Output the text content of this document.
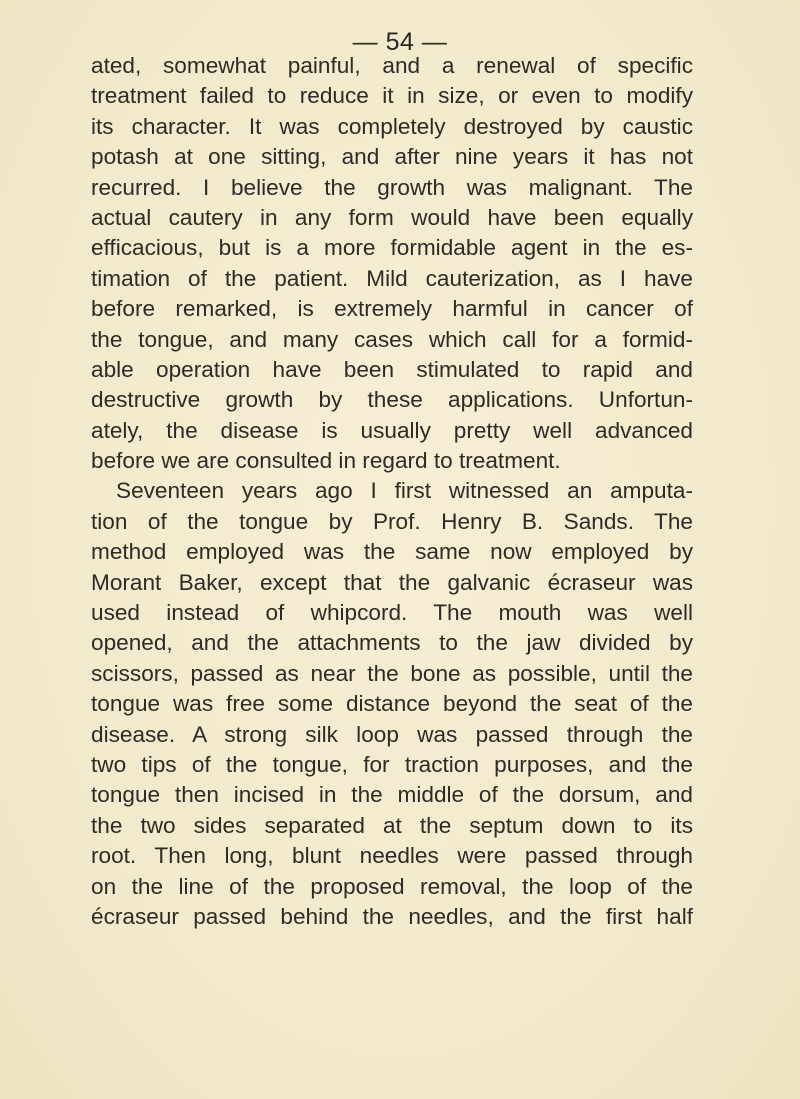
— 54 —
ated, somewhat painful, and a renewal of specific
treatment failed to reduce it in size, or even to modify
its character. It was completely destroyed by caustic
potash at one sitting, and after nine years it has not
recurred. I believe the growth was malignant. The
actual cautery in any form would have been equally
efficacious, but is a more formidable agent in the es-
timation of the patient. Mild cauterization, as I have
before remarked, is extremely harmful in cancer of
the tongue, and many cases which call for a formid-
able operation have been stimulated to rapid and
destructive growth by these applications. Unfortun-
ately, the disease is usually pretty well advanced
before we are consulted in regard to treatment.
Seventeen years ago I first witnessed an amputa-
tion of the tongue by Prof. Henry B. Sands. The
method employed was the same now employed by
Morant Baker, except that the galvanic écraseur was
used instead of whipcord. The mouth was well
opened, and the attachments to the jaw divided by
scissors, passed as near the bone as possible, until the
tongue was free some distance beyond the seat of the
disease. A strong silk loop was passed through the
two tips of the tongue, for traction purposes, and the
tongue then incised in the middle of the dorsum, and
the two sides separated at the septum down to its
root. Then long, blunt needles were passed through
on the line of the proposed removal, the loop of the
écraseur passed behind the needles, and the first half
